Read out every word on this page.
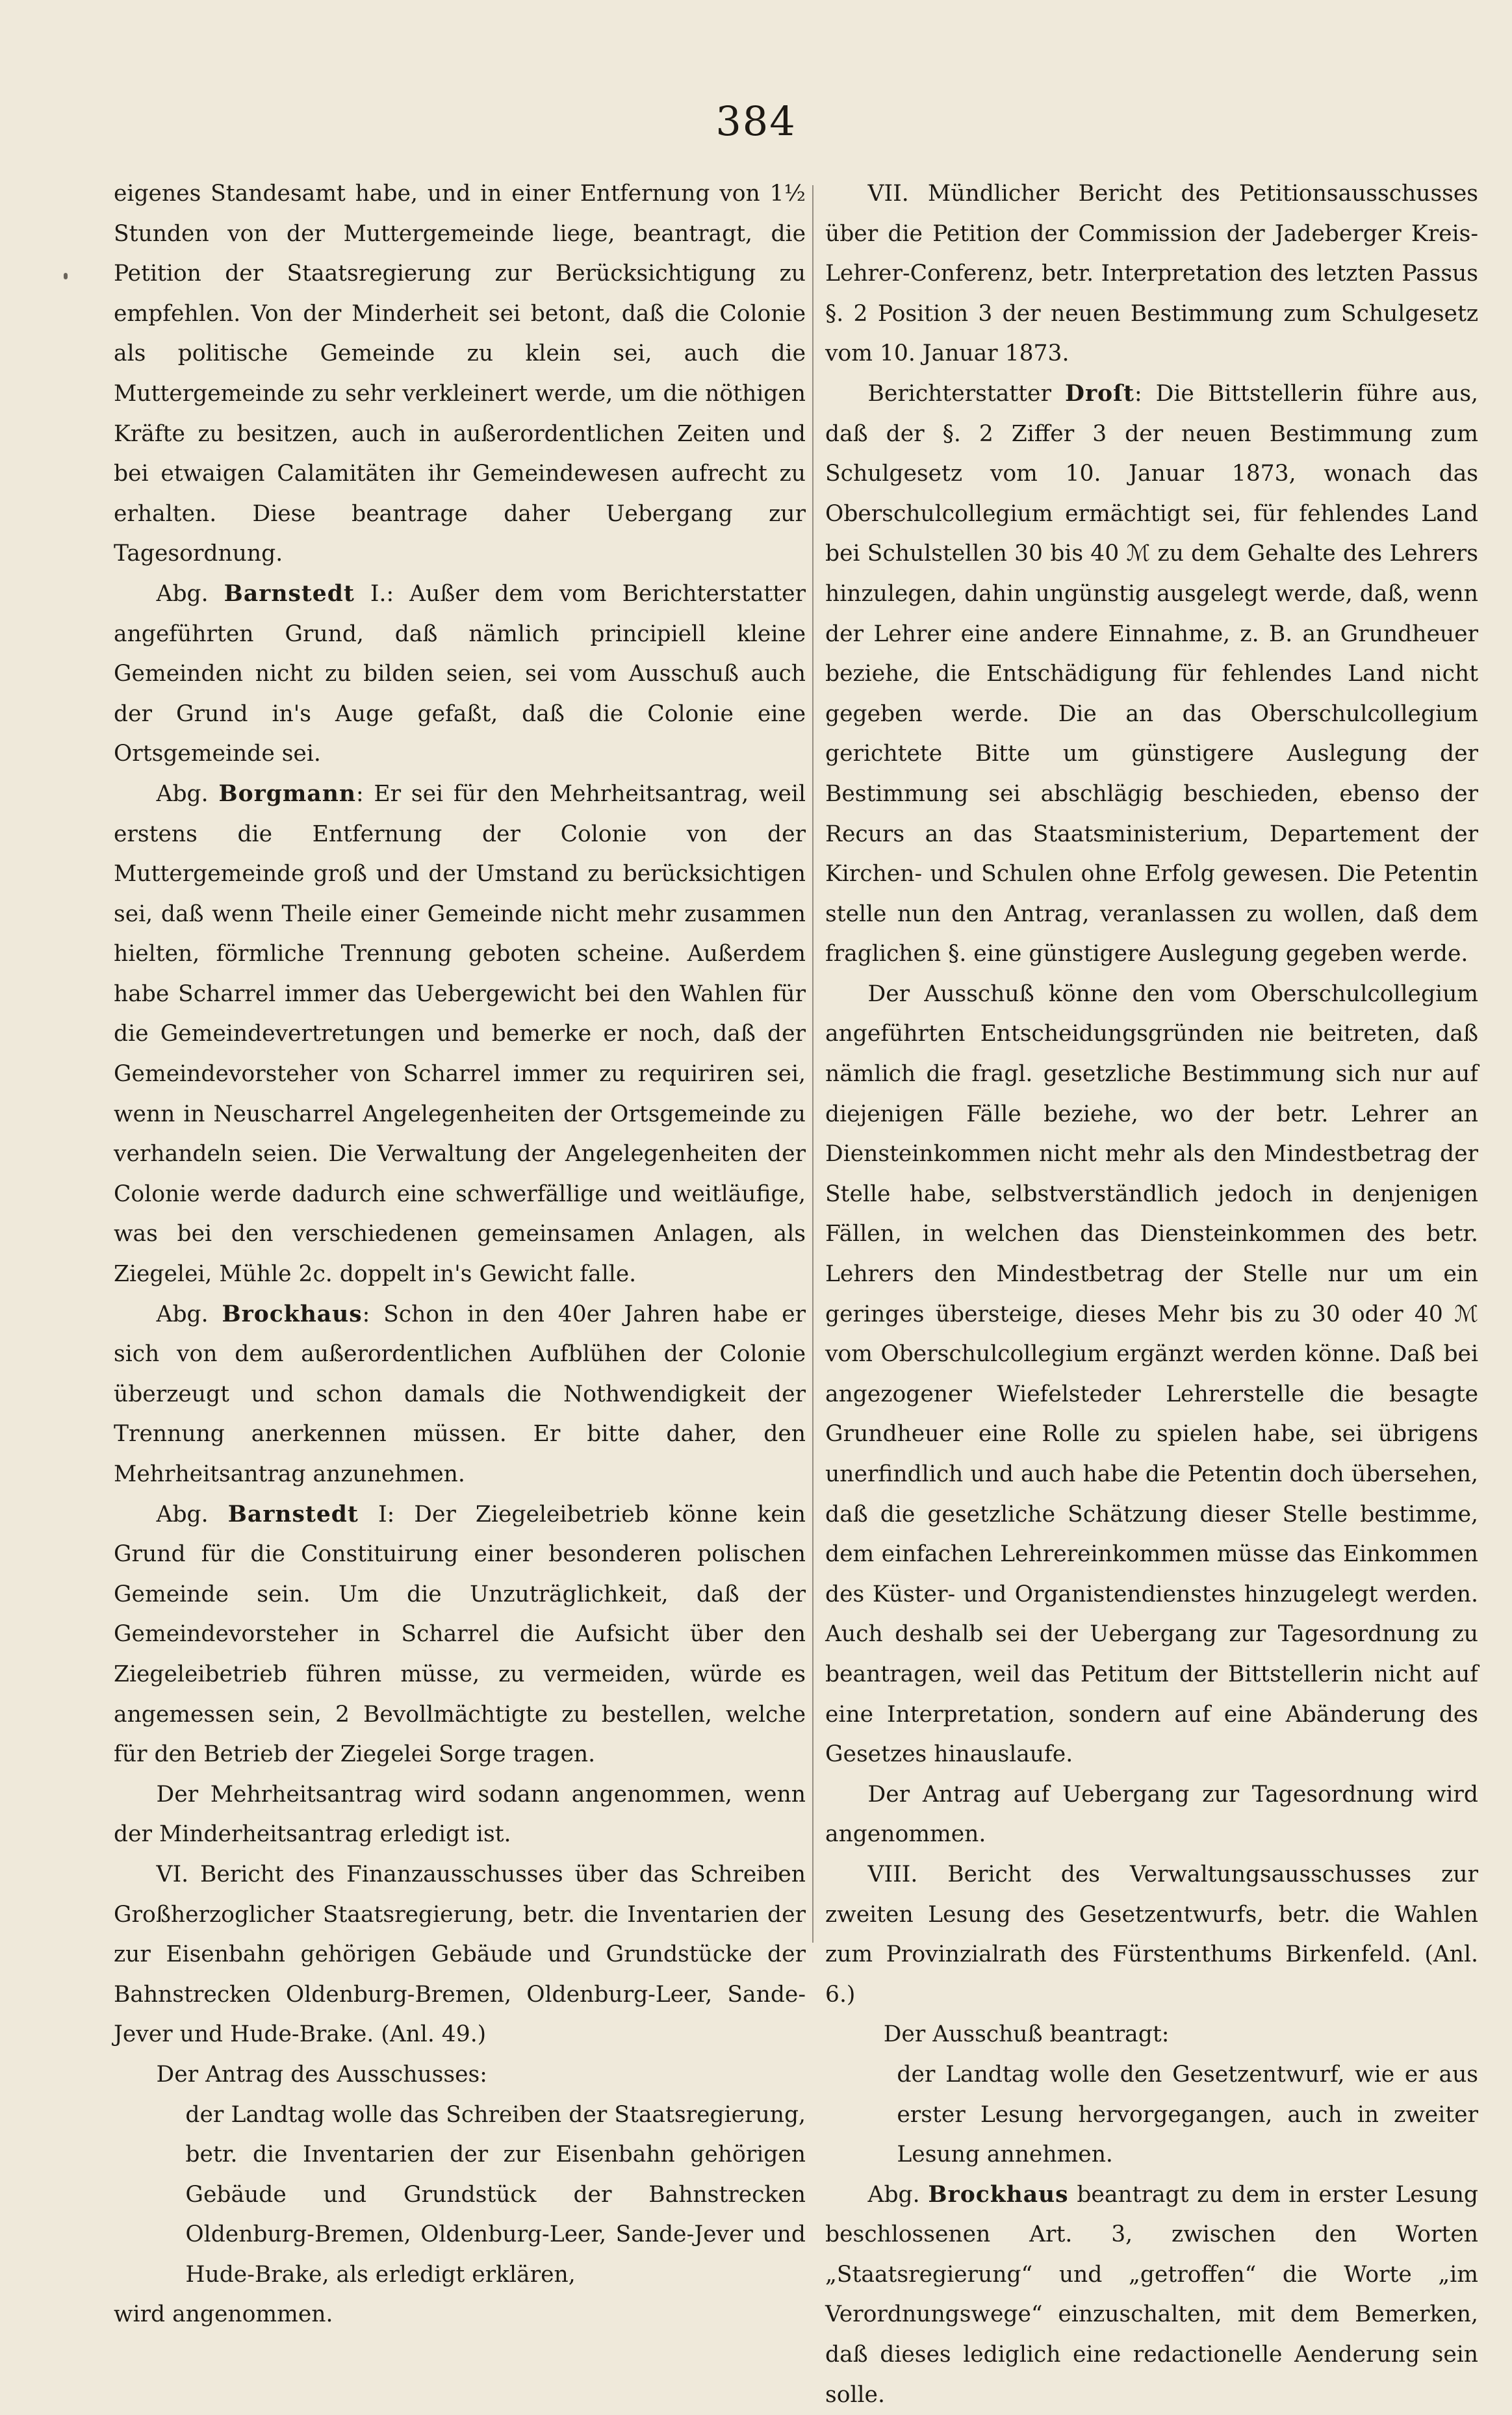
384

eigenes Standesamt habe, und in einer Entfernung von 1½ Stunden von der Muttergemeinde liege, beantragt, die Petition der Staatsregierung zur Berücksichtigung zu empfehlen. Von der Minderheit sei betont, daß die Colonie als politische Gemeinde zu klein sei, auch die Muttergemeinde zu sehr verkleinert werde, um die nöthigen Kräfte zu besitzen, auch in außerordentlichen Zeiten und bei etwaigen Calamitäten ihr Gemeindewesen aufrecht zu erhalten. Diese beantrage daher Uebergang zur Tagesordnung.

Abg. Barnstedt I.: Außer dem vom Berichterstatter angeführten Grund, daß nämlich principiell kleine Gemeinden nicht zu bilden seien, sei vom Ausschuß auch der Grund in's Auge gefaßt, daß die Colonie eine Ortsgemeinde sei.

Abg. Borgmann: Er sei für den Mehrheitsantrag, weil erstens die Entfernung der Colonie von der Muttergemeinde groß und der Umstand zu berücksichtigen sei, daß wenn Theile einer Gemeinde nicht mehr zusammen hielten, förmliche Trennung geboten scheine. Außerdem habe Scharrel immer das Uebergewicht bei den Wahlen für die Gemeindevertretungen und bemerke er noch, daß der Gemeindevorsteher von Scharrel immer zu requiriren sei, wenn in Neuscharrel Angelegenheiten der Ortsgemeinde zu verhandeln seien. Die Verwaltung der Angelegenheiten der Colonie werde dadurch eine schwerfällige und weitläufige, was bei den verschiedenen gemeinsamen Anlagen, als Ziegelei, Mühle 2c. doppelt in's Gewicht falle.

Abg. Brockhaus: Schon in den 40er Jahren habe er sich von dem außerordentlichen Aufblühen der Colonie überzeugt und schon damals die Nothwendigkeit der Trennung anerkennen müssen. Er bitte daher, den Mehrheitsantrag anzunehmen.

Abg. Barnstedt I: Der Ziegeleibetrieb könne kein Grund für die Constituirung einer besonderen polischen Gemeinde sein. Um die Unzuträglichkeit, daß der Gemeindevorsteher in Scharrel die Aufsicht über den Ziegeleibetrieb führen müsse, zu vermeiden, würde es angemessen sein, 2 Bevollmächtigte zu bestellen, welche für den Betrieb der Ziegelei Sorge tragen.

Der Mehrheitsantrag wird sodann angenommen, wenn der Minderheitsantrag erledigt ist.

VI. Bericht des Finanzausschusses über das Schreiben Großherzoglicher Staatsregierung, betr. die Inventarien der zur Eisenbahn gehörigen Gebäude und Grundstücke der Bahnstrecken Oldenburg-Bremen, Oldenburg-Leer, Sande-Jever und Hude-Brake. (Anl. 49.)

Der Antrag des Ausschusses:

der Landtag wolle das Schreiben der Staatsregierung, betr. die Inventarien der zur Eisenbahn gehörigen Gebäude und Grundstück der Bahnstrecken Oldenburg-Bremen, Oldenburg-Leer, Sande-Jever und Hude-Brake, als erledigt erklären,

wird angenommen.

VII. Mündlicher Bericht des Petitionsausschusses über die Petition der Commission der Jadeberger Kreis-Lehrer-Conferenz, betr. Interpretation des letzten Passus §. 2 Position 3 der neuen Bestimmung zum Schulgesetz vom 10. Januar 1873.

Berichterstatter Droſt: Die Bittstellerin führe aus, daß der §. 2 Ziffer 3 der neuen Bestimmung zum Schulgesetz vom 10. Januar 1873, wonach das Oberschulcollegium ermächtigt sei, für fehlendes Land bei Schulstellen 30 bis 40 ℳ zu dem Gehalte des Lehrers hinzulegen, dahin ungünstig ausgelegt werde, daß, wenn der Lehrer eine andere Einnahme, z. B. an Grundheuer beziehe, die Entschädigung für fehlendes Land nicht gegeben werde. Die an das Oberschulcollegium gerichtete Bitte um günstigere Auslegung der Bestimmung sei abschlägig beschieden, ebenso der Recurs an das Staatsministerium, Departement der Kirchen- und Schulen ohne Erfolg gewesen. Die Petentin stelle nun den Antrag, veranlassen zu wollen, daß dem fraglichen §. eine günstigere Auslegung gegeben werde.

Der Ausschuß könne den vom Oberschulcollegium angeführten Entscheidungsgründen nie beitreten, daß nämlich die fragl. gesetzliche Bestimmung sich nur auf diejenigen Fälle beziehe, wo der betr. Lehrer an Diensteinkommen nicht mehr als den Mindestbetrag der Stelle habe, selbstverständlich jedoch in denjenigen Fällen, in welchen das Diensteinkommen des betr. Lehrers den Mindestbetrag der Stelle nur um ein geringes übersteige, dieses Mehr bis zu 30 oder 40 ℳ vom Oberschulcollegium ergänzt werden könne. Daß bei angezogener Wiefelsteder Lehrerstelle die besagte Grundheuer eine Rolle zu spielen habe, sei übrigens unerfindlich und auch habe die Petentin doch übersehen, daß die gesetzliche Schätzung dieser Stelle bestimme, dem einfachen Lehrereinkommen müsse das Einkommen des Küster- und Organistendienstes hinzugelegt werden. Auch deshalb sei der Uebergang zur Tagesordnung zu beantragen, weil das Petitum der Bittstellerin nicht auf eine Interpretation, sondern auf eine Abänderung des Gesetzes hinauslaufe.

Der Antrag auf Uebergang zur Tagesordnung wird angenommen.

VIII. Bericht des Verwaltungsausschusses zur zweiten Lesung des Gesetzentwurfs, betr. die Wahlen zum Provinzialrath des Fürstenthums Birkenfeld. (Anl. 6.)

Der Ausschuß beantragt:

der Landtag wolle den Gesetzentwurf, wie er aus erster Lesung hervorgegangen, auch in zweiter Lesung annehmen.

Abg. Brockhaus beantragt zu dem in erster Lesung beschlossenen Art. 3, zwischen den Worten „Staatsregierung“ und „getroffen“ die Worte „im Verordnungswege“ einzuschalten, mit dem Bemerken, daß dieses lediglich eine redactionelle Aenderung sein solle.
